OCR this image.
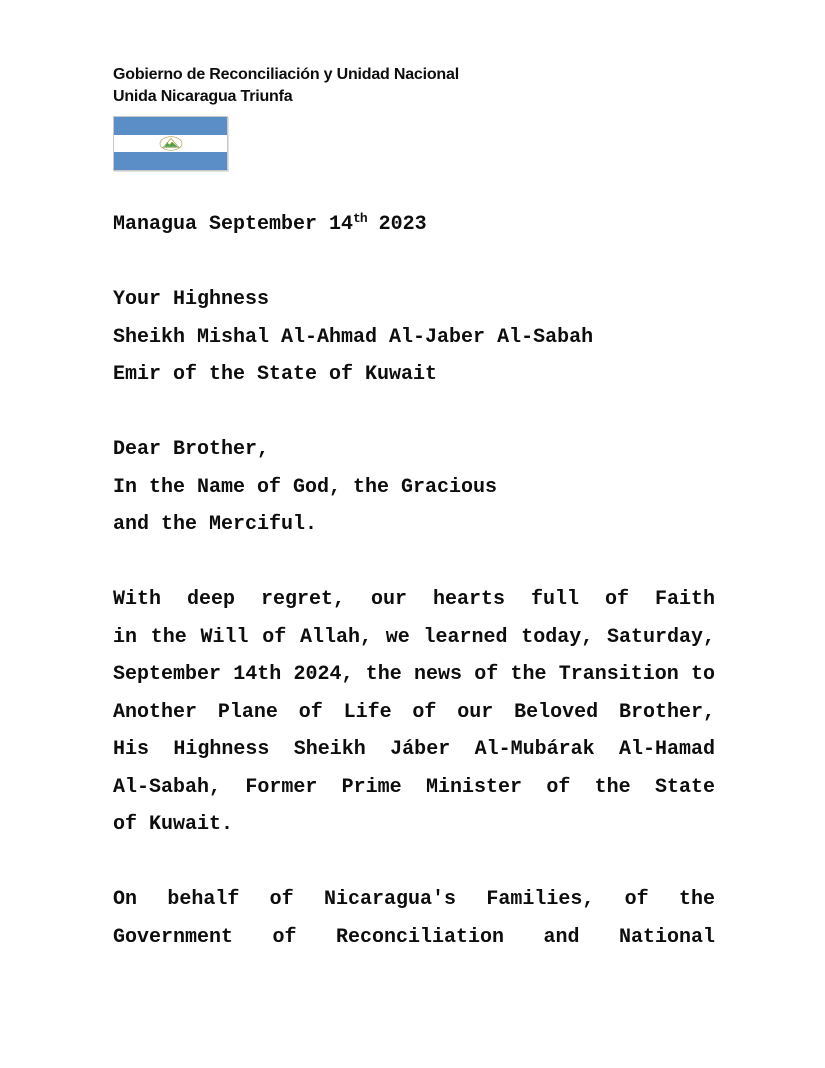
Gobierno de Reconciliación y Unidad Nacional
Unida Nicaragua Triunfa

Managua September 14th 2023

Your Highness
Sheikh Mishal Al-Ahmad Al-Jaber Al-Sabah
Emir of the State of Kuwait
Dear Brother,
In the Name of God, the Gracious
and the Merciful.
With deep regret, our hearts full of Faith
in the Will of Allah, we learned today, Saturday,
September 14th 2024, the news of the Transition to
Another Plane of Life of our Beloved Brother,
His Highness Sheikh Jáber Al-Mubárak Al-Hamad
Al-Sabah, Former Prime Minister of the State
of Kuwait.
On behalf of Nicaragua's Families, of the
Government of Reconciliation and National
